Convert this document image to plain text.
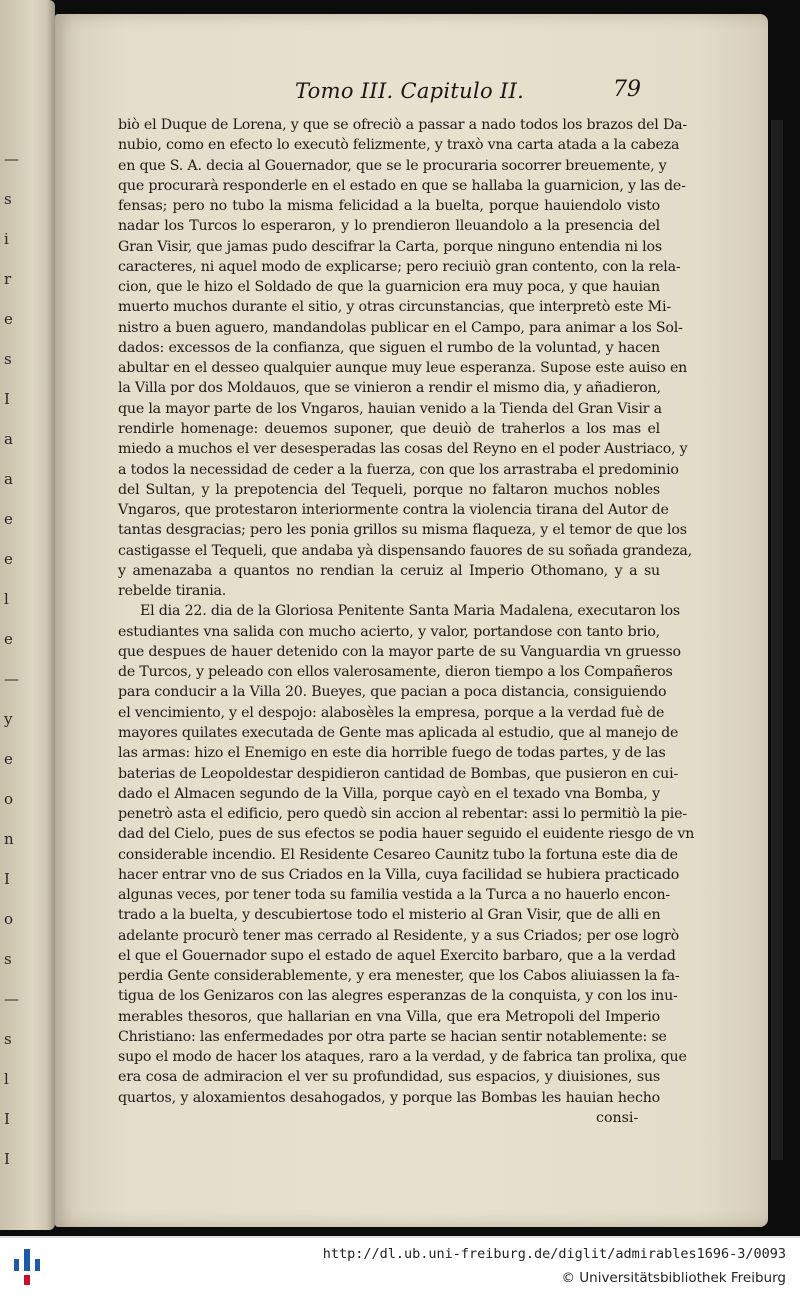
Tomo III. Capitulo II.	79
biò el Duque de Lorena, y que se ofreciò a passar a nado todos los brazos del Da-
nubio, como en efecto lo executò felizmente, y traxò vna carta atada a la cabeza
en que S. A. decia al Gouernador, que se le procuraria socorrer breuemente, y
que procurarà responderle en el estado en que se hallaba la guarnicion, y las de-
fensas; pero no tubo la misma felicidad a la buelta, porque hauiendolo visto
nadar los Turcos lo esperaron, y lo prendieron lleuandolo a la presencia del
Gran Visir, que jamas pudo descifrar la Carta, porque ninguno entendia ni los
caracteres, ni aquel modo de explicarse; pero reciuiò gran contento, con la rela-
cion, que le hizo el Soldado de que la guarnicion era muy poca, y que hauian
muerto muchos durante el sitio, y otras circunstancias, que interpretò este Mi-
nistro a buen aguero, mandandolas publicar en el Campo, para animar a los Sol-
dados: excessos de la confianza, que siguen el rumbo de la voluntad, y hacen
abultar en el desseo qualquier aunque muy leue esperanza. Supose este auiso en
la Villa por dos Moldauos, que se vinieron a rendir el mismo dia, y añadieron,
que la mayor parte de los Vngaros, hauian venido a la Tienda del Gran Visir a
rendirle homenage: deuemos suponer, que deuiò de traherlos a los mas el
miedo a muchos el ver desesperadas las cosas del Reyno en el poder Austriaco, y
a todos la necessidad de ceder a la fuerza, con que los arrastraba el predominio
del Sultan, y la prepotencia del Tequeli, porque no faltaron muchos nobles
Vngaros, que protestaron interiormente contra la violencia tirana del Autor de
tantas desgracias; pero les ponia grillos su misma flaqueza, y el temor de que los
castigasse el Tequeli, que andaba yà dispensando fauores de su soñada grandeza,
y amenazaba a quantos no rendian la ceruiz al Imperio Othomano, y a su
rebelde tirania.
El dia 22. dia de la Gloriosa Penitente Santa Maria Madalena, executaron los
estudiantes vna salida con mucho acierto, y valor, portandose con tanto brio,
que despues de hauer detenido con la mayor parte de su Vanguardia vn gruesso
de Turcos, y peleado con ellos valerosamente, dieron tiempo a los Compañeros
para conducir a la Villa 20. Bueyes, que pacian a poca distancia, consiguiendo
el vencimiento, y el despojo: alabosèles la empresa, porque a la verdad fuè de
mayores quilates executada de Gente mas aplicada al estudio, que al manejo de
las armas: hizo el Enemigo en este dia horrible fuego de todas partes, y de las
baterias de Leopoldestar despidieron cantidad de Bombas, que pusieron en cui-
dado el Almacen segundo de la Villa, porque cayò en el texado vna Bomba, y
penetrò asta el edificio, pero quedò sin accion al rebentar: assi lo permitiò la pie-
dad del Cielo, pues de sus efectos se podia hauer seguido el euidente riesgo de vn
considerable incendio. El Residente Cesareo Caunitz tubo la fortuna este dia de
hacer entrar vno de sus Criados en la Villa, cuya facilidad se hubiera practicado
algunas veces, por tener toda su familia vestida a la Turca a no hauerlo encon-
trado a la buelta, y descubiertose todo el misterio al Gran Visir, que de alli en
adelante procurò tener mas cerrado al Residente, y a sus Criados; per ose logrò
el que el Gouernador supo el estado de aquel Exercito barbaro, que a la verdad
perdia Gente considerablemente, y era menester, que los Cabos aliuiassen la fa-
tigua de los Genizaros con las alegres esperanzas de la conquista, y con los inu-
merables thesoros, que hallarian en vna Villa, que era Metropoli del Imperio
Christiano: las enfermedades por otra parte se hacian sentir notablemente: se
supo el modo de hacer los ataques, raro a la verdad, y de fabrica tan prolixa, que
era cosa de admiracion el ver su profundidad, sus espacios, y diuisiones, sus
quartos, y aloxamientos desahogados, y porque las Bombas les hauian hecho
consi-
—
s
i
r
e
s
I
a
a
e
e
l
e
—
y
e
o
n
I
o
s
—
s
l
I
I
http://dl.ub.uni-freiburg.de/diglit/admirables1696-3/0093
© Universitätsbibliothek Freiburg
